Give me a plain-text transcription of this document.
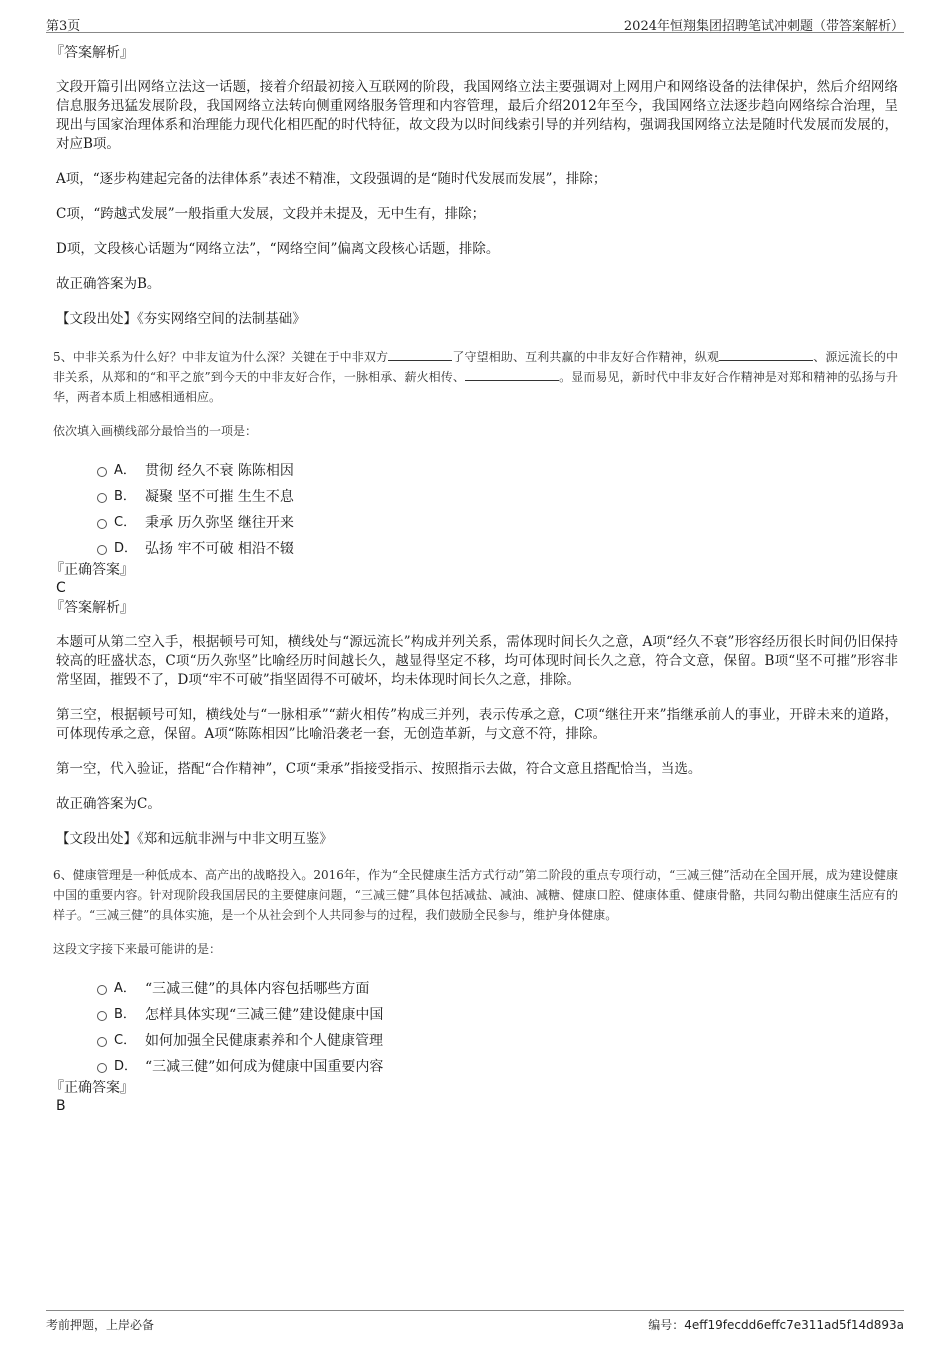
第3页	2024年恒翔集团招聘笔试冲刺题（带答案解析）

『答案解析』

文段开篇引出网络立法这一话题，接着介绍最初接入互联网的阶段，我国网络立法主要强调对上网用户和网络设备的法律保护，然后介绍网络信息服务迅猛发展阶段，我国网络立法转向侧重网络服务管理和内容管理，最后介绍2012年至今，我国网络立法逐步趋向网络综合治理，呈现出与国家治理体系和治理能力现代化相匹配的时代特征，故文段为以时间线索引导的并列结构，强调我国网络立法是随时代发展而发展的，对应B项。

A项，“逐步构建起完备的法律体系”表述不精准，文段强调的是“随时代发展而发展”，排除；

C项，“跨越式发展”一般指重大发展，文段并未提及，无中生有，排除；

D项，文段核心话题为“网络立法”，“网络空间”偏离文段核心话题，排除。

故正确答案为B。

【文段出处】《夯实网络空间的法制基础》

5、中非关系为什么好？中非友谊为什么深？关键在于中非双方	了守望相助、互利共赢的中非友好合作精神，纵观	、源远流长的中非关系，从郑和的“和平之旅”到今天的中非友好合作，一脉相承、薪火相传、	。显而易见，新时代中非友好合作精神是对郑和精神的弘扬与升华，两者本质上相感相通相应。

依次填入画横线部分最恰当的一项是：

A． 贯彻 经久不衰 陈陈相因
B． 凝聚 坚不可摧 生生不息
C． 秉承 历久弥坚 继往开来
D． 弘扬 牢不可破 相沿不辍

『正确答案』

C

『答案解析』

本题可从第二空入手，根据顿号可知，横线处与“源远流长”构成并列关系，需体现时间长久之意，A项“经久不衰”形容经历很长时间仍旧保持较高的旺盛状态，C项“历久弥坚”比喻经历时间越长久，越显得坚定不移，均可体现时间长久之意，符合文意，保留。B项“坚不可摧”形容非常坚固，摧毁不了，D项“牢不可破”指坚固得不可破坏，均未体现时间长久之意，排除。

第三空，根据顿号可知，横线处与“一脉相承”“薪火相传”构成三并列，表示传承之意，C项“继往开来”指继承前人的事业，开辟未来的道路，可体现传承之意，保留。A项“陈陈相因”比喻沿袭老一套，无创造革新，与文意不符，排除。

第一空，代入验证，搭配“合作精神”，C项“秉承”指接受指示、按照指示去做，符合文意且搭配恰当，当选。

故正确答案为C。

【文段出处】《郑和远航非洲与中非文明互鉴》

6、健康管理是一种低成本、高产出的战略投入。2016年，作为“全民健康生活方式行动”第二阶段的重点专项行动，“三减三健”活动在全国开展，成为建设健康中国的重要内容。针对现阶段我国居民的主要健康问题，“三减三健”具体包括减盐、减油、减糖、健康口腔、健康体重、健康骨骼，共同勾勒出健康生活应有的样子。“三减三健”的具体实施，是一个从社会到个人共同参与的过程，我们鼓励全民参与，维护身体健康。

这段文字接下来最可能讲的是：

A． “三减三健”的具体内容包括哪些方面
B． 怎样具体实现“三减三健”建设健康中国
C． 如何加强全民健康素养和个人健康管理
D． “三减三健”如何成为健康中国重要内容

『正确答案』

B

考前押题，上岸必备	编号：4eff19fecdd6effc7e311ad5f14d893a
